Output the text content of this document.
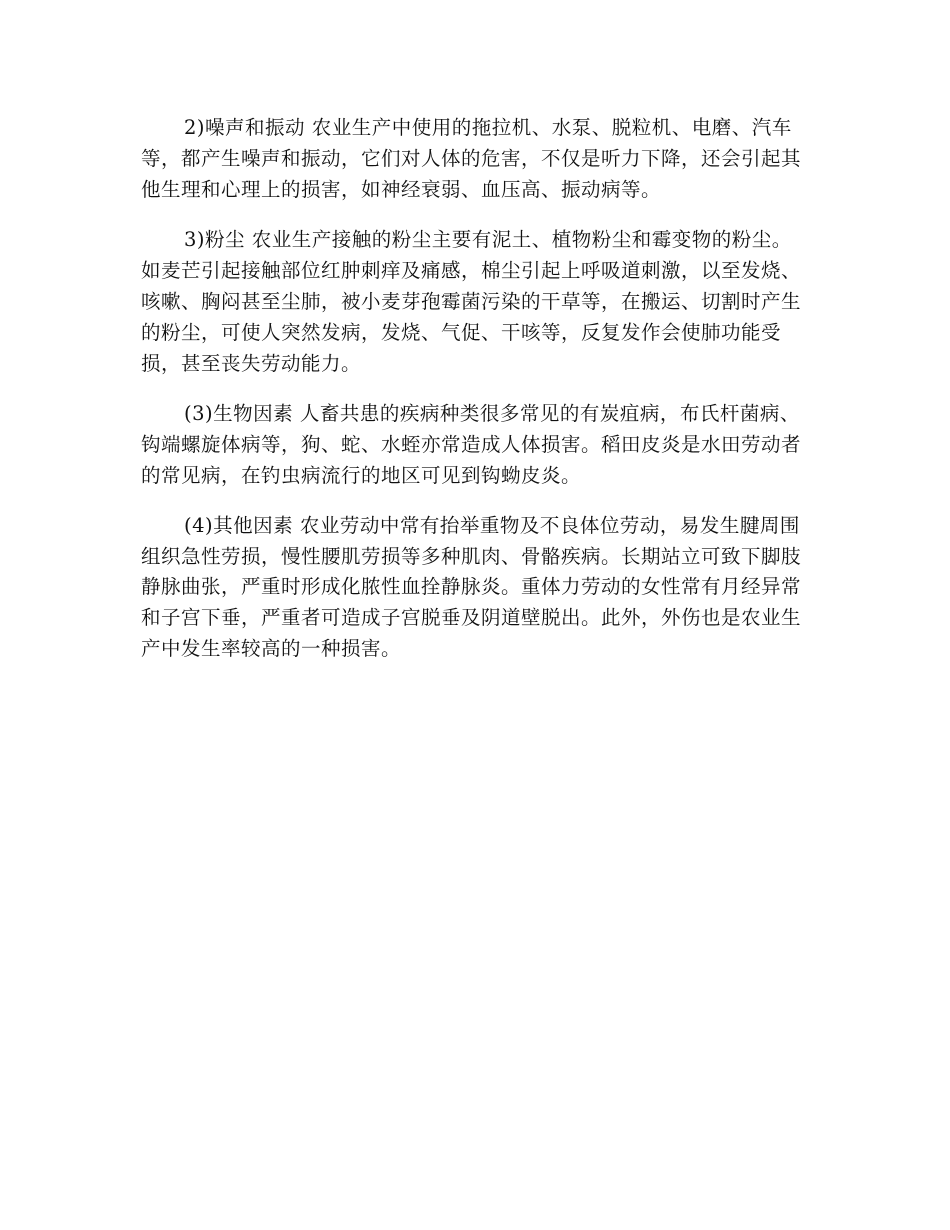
2)噪声和振动 农业生产中使用的拖拉机、水泵、脱粒机、电磨、汽车等，都产生噪声和振动，它们对人体的危害，不仅是听力下降，还会引起其他生理和心理上的损害，如神经衰弱、血压高、振动病等。

3)粉尘 农业生产接触的粉尘主要有泥土、植物粉尘和霉变物的粉尘。如麦芒引起接触部位红肿刺痒及痛感，棉尘引起上呼吸道刺激，以至发烧、咳嗽、胸闷甚至尘肺，被小麦芽孢霉菌污染的干草等，在搬运、切割时产生的粉尘，可使人突然发病，发烧、气促、干咳等，反复发作会使肺功能受损，甚至丧失劳动能力。

(3)生物因素 人畜共患的疾病种类很多常见的有炭疽病，布氏杆菌病、钩端螺旋体病等，狗、蛇、水蛭亦常造成人体损害。稻田皮炎是水田劳动者的常见病，在钓虫病流行的地区可见到钩蚴皮炎。

(4)其他因素 农业劳动中常有抬举重物及不良体位劳动，易发生腱周围组织急性劳损，慢性腰肌劳损等多种肌肉、骨骼疾病。长期站立可致下脚肢静脉曲张，严重时形成化脓性血拴静脉炎。重体力劳动的女性常有月经异常和子宫下垂，严重者可造成子宫脱垂及阴道壁脱出。此外，外伤也是农业生产中发生率较高的一种损害。
